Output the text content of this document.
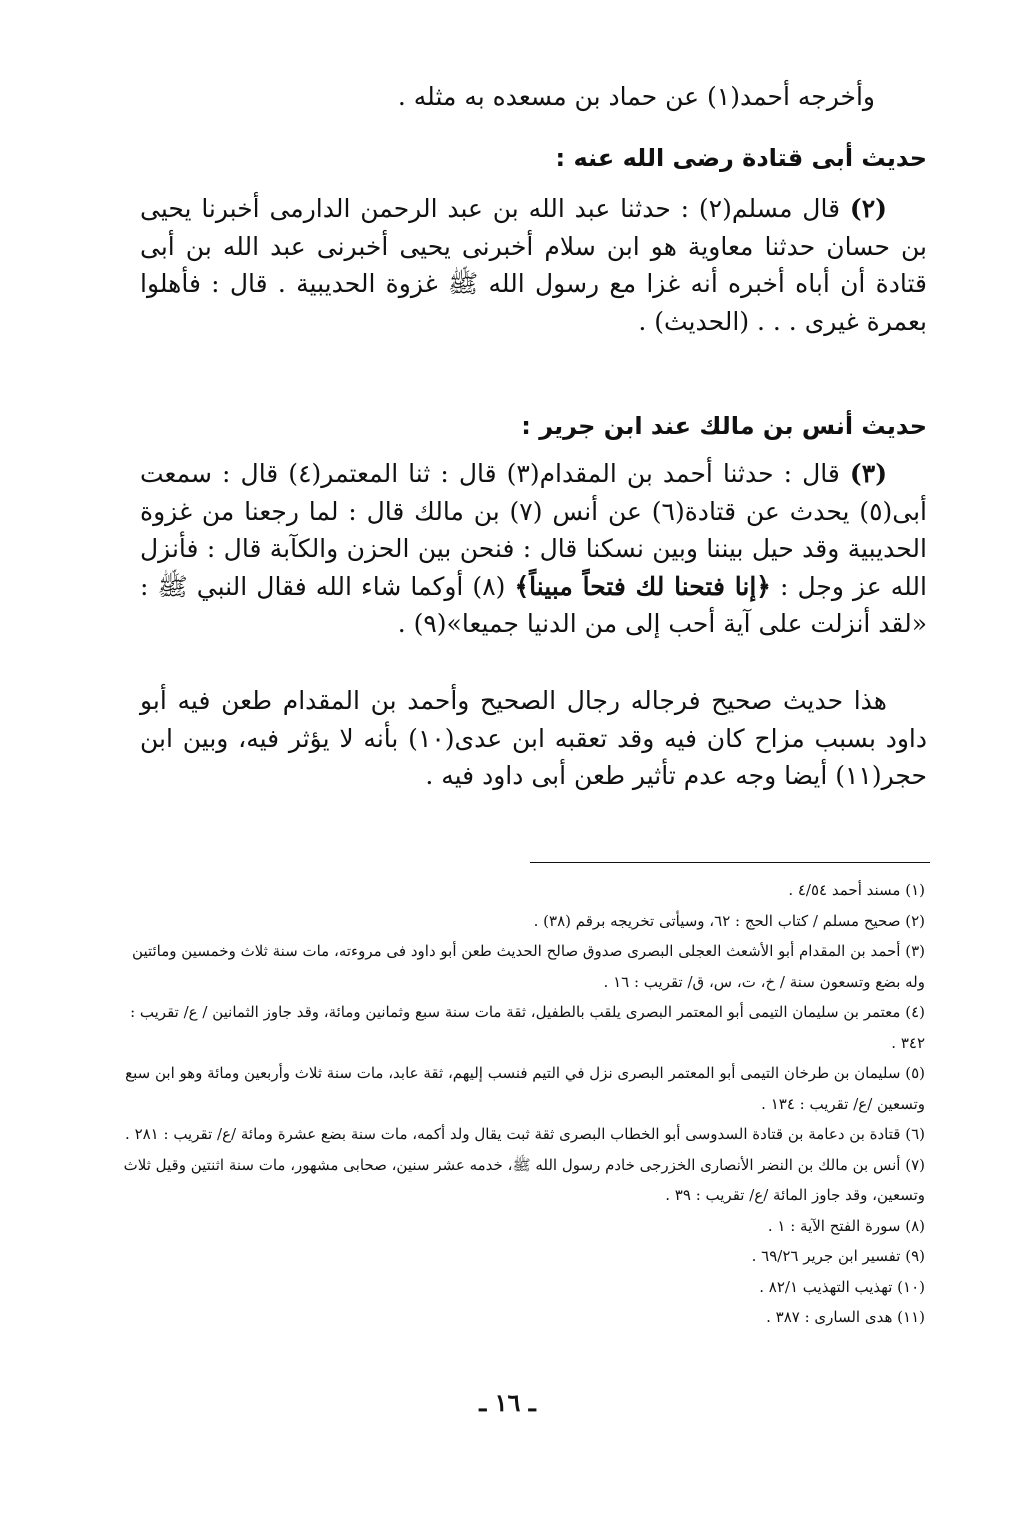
وأخرجه أحمد(١) عن حماد بن مسعده به مثله .
حديث أبى قتادة رضى الله عنه :
(٢) قال مسلم(٢) : حدثنا عبد الله بن عبد الرحمن الدارمى أخبرنا يحيى بن حسان حدثنا معاوية هو ابن سلام أخبرنى يحيى أخبرنى عبد الله بن أبى قتادة أن أباه أخبره أنه غزا مع رسول الله ﷺ غزوة الحديبية . قال : فأهلوا بعمرة غيرى . . . (الحديث) .
حديث أنس بن مالك عند ابن جرير :
(٣) قال : حدثنا أحمد بن المقدام(٣) قال : ثنا المعتمر(٤) قال : سمعت أبى(٥) يحدث عن قتادة(٦) عن أنس (٧) بن مالك قال : لما رجعنا من غزوة الحديبية وقد حيل بيننا وبين نسكنا قال : فنحن بين الحزن والكآبة قال : فأنزل الله عز وجل : ﴿إنا فتحنا لك فتحاً مبيناً﴾ (٨) أوكما شاء الله فقال النبي ﷺ : «لقد أنزلت على آية أحب إلى من الدنيا جميعا»(٩) .
هذا حديث صحيح فرجاله رجال الصحيح وأحمد بن المقدام طعن فيه أبو داود بسبب مزاح كان فيه وقد تعقبه ابن عدى(١٠) بأنه لا يؤثر فيه، وبين ابن حجر(١١) أيضا وجه عدم تأثير طعن أبى داود فيه .
(١) مسند أحمد ٤/٥٤ .
(٢) صحيح مسلم / كتاب الحج : ٦٢، وسيأتى تخريجه برقم (٣٨) .
(٣) أحمد بن المقدام أبو الأشعث العجلى البصرى صدوق صالح الحديث طعن أبو داود فى مروءته، مات سنة ثلاث وخمسين ومائتين وله بضع وتسعون سنة / خ، ت، س، ق/ تقريب : ١٦ .
(٤) معتمر بن سليمان التيمى أبو المعتمر البصرى يلقب بالطفيل، ثقة مات سنة سبع وثمانين ومائة، وقد جاوز الثمانين / ع/ تقريب : ٣٤٢ .
(٥) سليمان بن طرخان التيمى أبو المعتمر البصرى نزل في التيم فنسب إليهم، ثقة عابد، مات سنة ثلاث وأربعين ومائة وهو ابن سبع وتسعين /ع/ تقريب : ١٣٤ .
(٦) قتادة بن دعامة بن قتادة السدوسى أبو الخطاب البصرى ثقة ثبت يقال ولد أكمه، مات سنة بضع عشرة ومائة /ع/ تقريب : ٢٨١ .
(٧) أنس بن مالك بن النضر الأنصارى الخزرجى خادم رسول الله ﷺ، خدمه عشر سنين، صحابى مشهور، مات سنة اثنتين وقيل ثلاث وتسعين، وقد جاوز المائة /ع/ تقريب : ٣٩ .
(٨) سورة الفتح الآية : ١ .
(٩) تفسير ابن جرير ٦٩/٢٦ .
(١٠) تهذيب التهذيب ٨٢/١ .
(١١) هدى السارى : ٣٨٧ .
ـ ١٦ ـ
